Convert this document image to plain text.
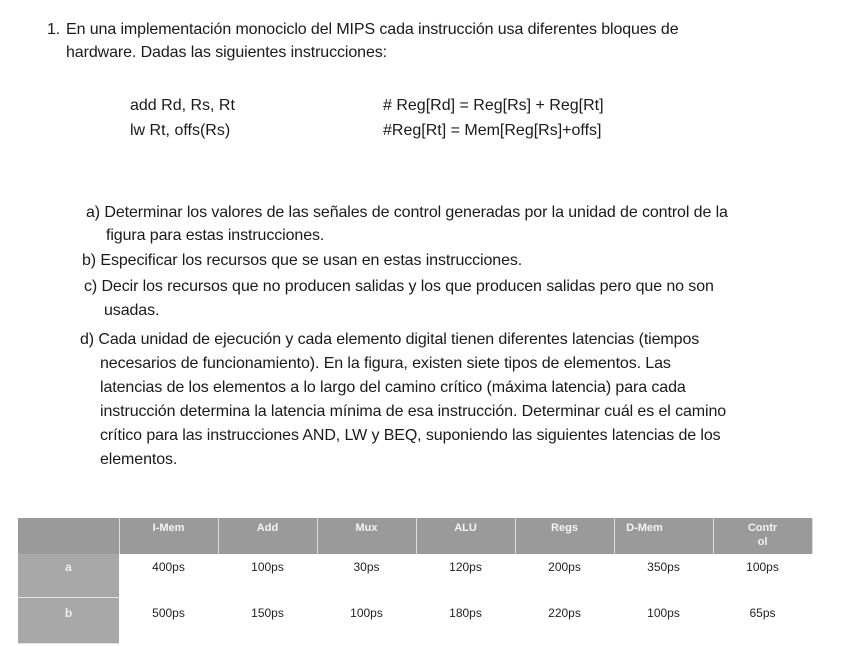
1. En una implementación monociclo del MIPS cada instrucción usa diferentes bloques de
hardware. Dadas las siguientes instrucciones:
add Rd, Rs, Rt	# Reg[Rd] = Reg[Rs] + Reg[Rt]
lw Rt, offs(Rs)	#Reg[Rt] = Mem[Reg[Rs]+offs]
a) Determinar los valores de las señales de control generadas por la unidad de control de la
figura para estas instrucciones.
b) Especificar los recursos que se usan en estas instrucciones.
c) Decir los recursos que no producen salidas y los que producen salidas pero que no son
usadas.
d) Cada unidad de ejecución y cada elemento digital tienen diferentes latencias (tiempos
necesarios de funcionamiento). En la figura, existen siete tipos de elementos. Las
latencias de los elementos a lo largo del camino crítico (máxima latencia) para cada
instrucción determina la latencia mínima de esa instrucción. Determinar cuál es el camino
crítico para las instrucciones AND, LW y BEQ, suponiendo las siguientes latencias de los
elementos.
	I-Mem	Add	Mux	ALU	Regs	D-Mem	Control
a	400ps	100ps	30ps	120ps	200ps	350ps	100ps
b	500ps	150ps	100ps	180ps	220ps	100ps	65ps
